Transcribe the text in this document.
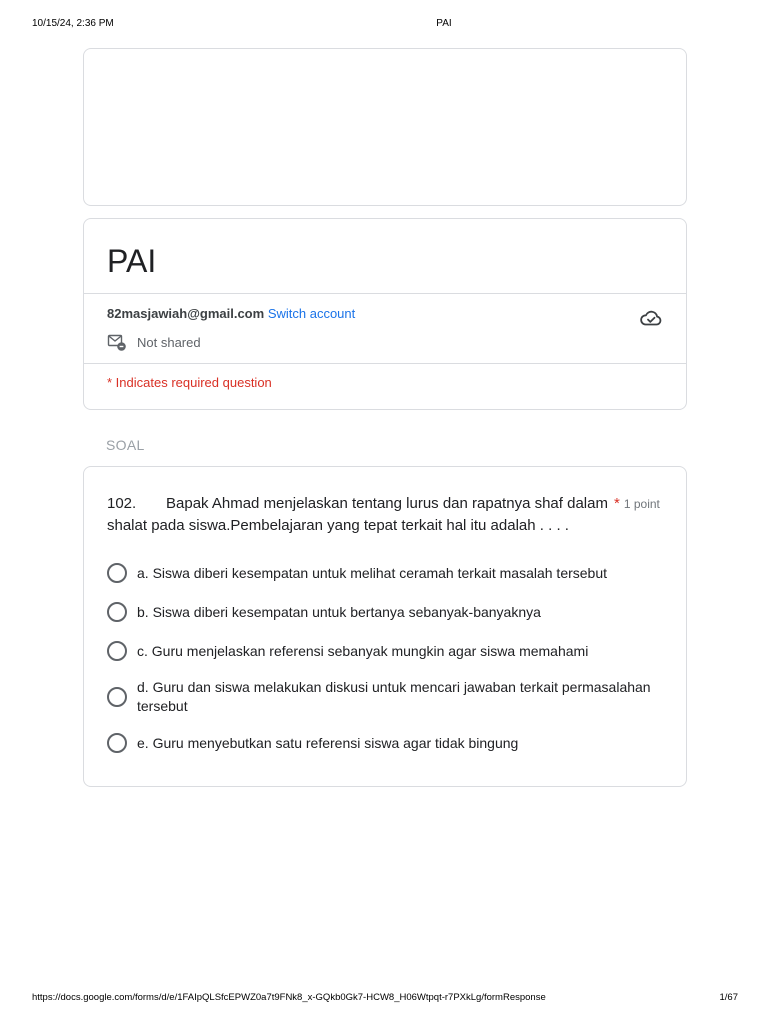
10/15/24, 2:36 PM	PAI
PAI
82masjawiah@gmail.com Switch account
Not shared
* Indicates required question
SOAL
102. Bapak Ahmad menjelaskan tentang lurus dan rapatnya shaf dalam shalat pada siswa.Pembelajaran yang tepat terkait hal itu adalah . . . .
* 1 point
a. Siswa diberi kesempatan untuk melihat ceramah terkait masalah tersebut
b. Siswa diberi kesempatan untuk bertanya sebanyak-banyaknya
c. Guru menjelaskan referensi sebanyak mungkin agar siswa memahami
d. Guru dan siswa melakukan diskusi untuk mencari jawaban terkait permasalahan tersebut
e. Guru menyebutkan satu referensi siswa agar tidak bingung
https://docs.google.com/forms/d/e/1FAIpQLSfcEPWZ0a7t9FNk8_x-GQkb0Gk7-HCW8_H06Wtpqt-r7PXkLg/formResponse	1/67
